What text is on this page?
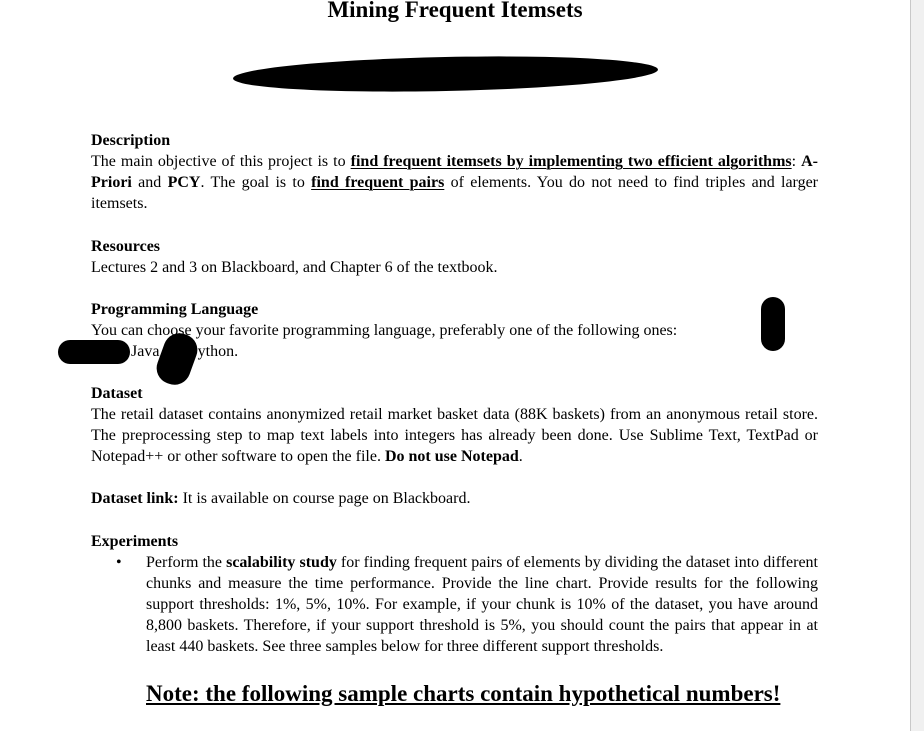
Mining Frequent Itemsets
Description
The main objective of this project is to find frequent itemsets by implementing two efficient algorithms: A-Priori and PCY. The goal is to find frequent pairs of elements. You do not need to find triples and larger itemsets.
Resources
Lectures 2 and 3 on Blackboard, and Chapter 6 of the textbook.
Programming Language
You can choose your favorite programming language, preferably one of the following ones:
Java , or Python.
Dataset
The retail dataset contains anonymized retail market basket data (88K baskets) from an anonymous retail store. The preprocessing step to map text labels into integers has already been done. Use Sublime Text, TextPad or Notepad++ or other software to open the file. Do not use Notepad.
Dataset link: It is available on course page on Blackboard.
Experiments
• Perform the scalability study for finding frequent pairs of elements by dividing the dataset into different chunks and measure the time performance. Provide the line chart. Provide results for the following support thresholds: 1%, 5%, 10%. For example, if your chunk is 10% of the dataset, you have around 8,800 baskets. Therefore, if your support threshold is 5%, you should count the pairs that appear in at least 440 baskets. See three samples below for three different support thresholds.
Note: the following sample charts contain hypothetical numbers!
